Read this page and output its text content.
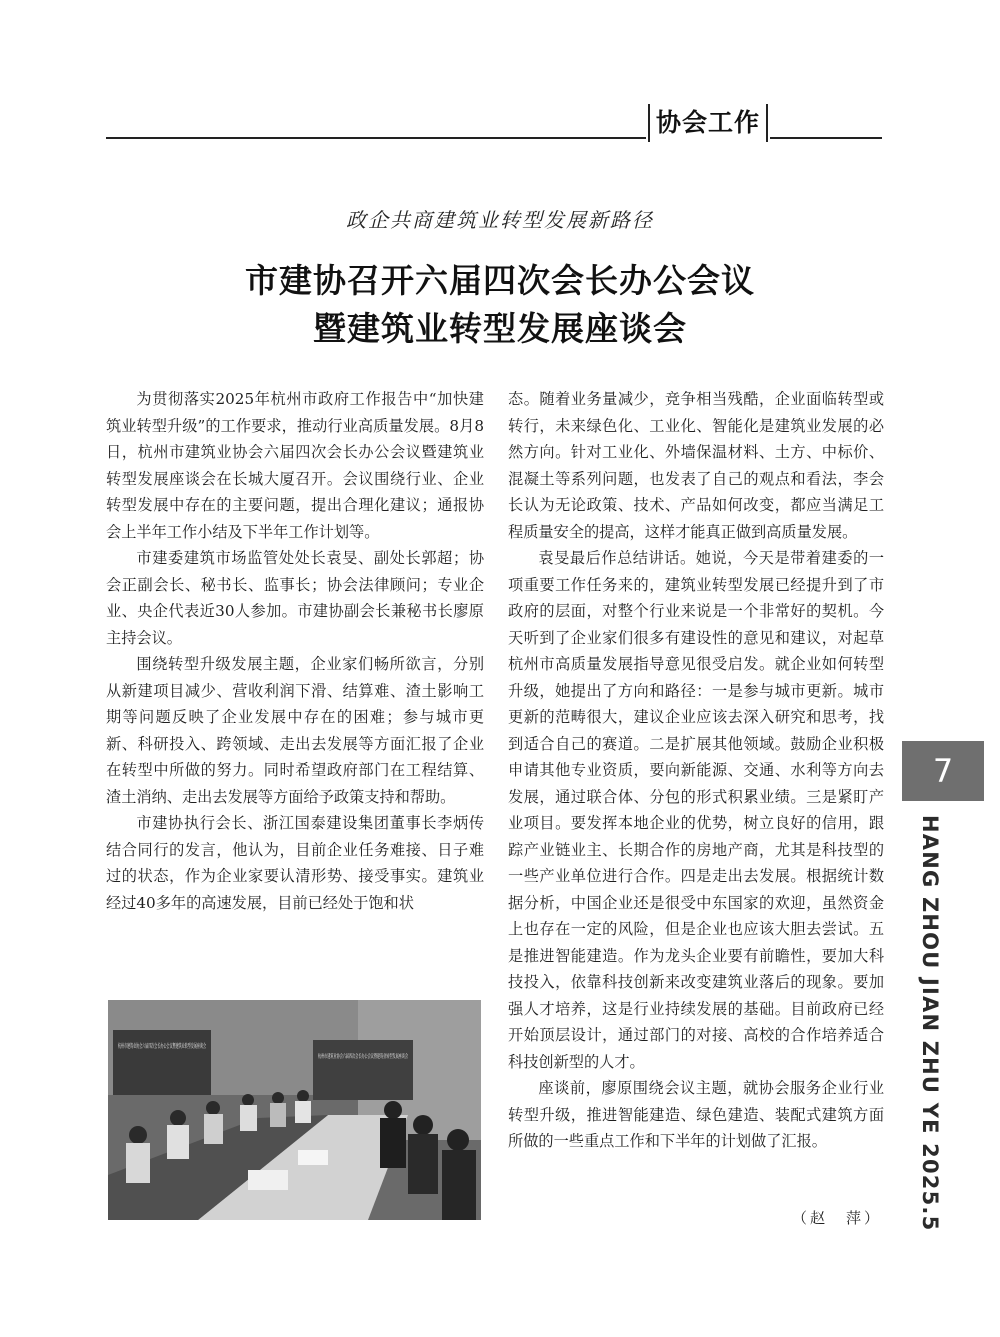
协会工作
政企共商建筑业转型发展新路径
市建协召开六届四次会长办公会议
暨建筑业转型发展座谈会

为贯彻落实2025年杭州市政府工作报告中“加快建筑业转型升级”的工作要求，推动行业高质量发展。8月8日，杭州市建筑业协会六届四次会长办公会议暨建筑业转型发展座谈会在长城大厦召开。会议围绕行业、企业转型发展中存在的主要问题，提出合理化建议；通报协会上半年工作小结及下半年工作计划等。

市建委建筑市场监管处处长袁旻、副处长郭超；协会正副会长、秘书长、监事长；协会法律顾问；专业企业、央企代表近30人参加。市建协副会长兼秘书长廖原主持会议。

围绕转型升级发展主题，企业家们畅所欲言，分别从新建项目减少、营收利润下滑、结算难、渣土影响工期等问题反映了企业发展中存在的困难；参与城市更新、科研投入、跨领域、走出去发展等方面汇报了企业在转型中所做的努力。同时希望政府部门在工程结算、渣土消纳、走出去发展等方面给予政策支持和帮助。

市建协执行会长、浙江国泰建设集团董事长李炳传结合同行的发言，他认为，目前企业任务难接、日子难过的状态，作为企业家要认清形势、接受事实。建筑业经过40多年的高速发展，目前已经处于饱和状

态。随着业务量减少，竞争相当残酷，企业面临转型或转行，未来绿色化、工业化、智能化是建筑业发展的必然方向。针对工业化、外墙保温材料、土方、中标价、混凝土等系列问题，也发表了自己的观点和看法，李会长认为无论政策、技术、产品如何改变，都应当满足工程质量安全的提高，这样才能真正做到高质量发展。

袁旻最后作总结讲话。她说，今天是带着建委的一项重要工作任务来的，建筑业转型发展已经提升到了市政府的层面，对整个行业来说是一个非常好的契机。今天听到了企业家们很多有建设性的意见和建议，对起草杭州市高质量发展指导意见很受启发。就企业如何转型升级，她提出了方向和路径：一是参与城市更新。城市更新的范畴很大，建议企业应该去深入研究和思考，找到适合自己的赛道。二是扩展其他领域。鼓励企业积极申请其他专业资质，要向新能源、交通、水利等方向去发展，通过联合体、分包的形式积累业绩。三是紧盯产业项目。要发挥本地企业的优势，树立良好的信用，跟踪产业链业主、长期合作的房地产商，尤其是科技型的一些产业单位进行合作。四是走出去发展。根据统计数据分析，中国企业还是很受中东国家的欢迎，虽然资金上也存在一定的风险，但是企业也应该大胆去尝试。五是推进智能建造。作为龙头企业要有前瞻性，要加大科技投入，依靠科技创新来改变建筑业落后的现象。要加强人才培养，这是行业持续发展的基础。目前政府已经开始顶层设计，通过部门的对接、高校的合作培养适合科技创新型的人才。

座谈前，廖原围绕会议主题，就协会服务企业行业转型升级，推进智能建造、绿色建造、装配式建筑方面所做的一些重点工作和下半年的计划做了汇报。

杭州市建筑业协会六届四次会长办公会议暨建筑业转型发展座谈会
杭州市建筑业协会六届四次会长办公会议暨建筑业转型发展座谈会
（赵　萍）
7
HANG ZHOU JIAN ZHU YE 2025.5
